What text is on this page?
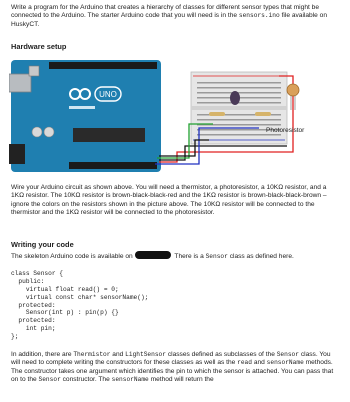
Write a program for the Arduino that creates a hierarchy of classes for different sensor types that might be connected to the Arduino. The starter Arduino code that you will need is in the sensors.ino file available on HuskyCT.
Hardware setup
UNO
Photoresistor
Wire your Arduino circuit as shown above. You will need a thermistor, a photoresistor, a 10KΩ resistor, and a 1KΩ resistor. The 10KΩ resistor is brown-black-black-red and the 1KΩ resistor is brown-black-black-brown – ignore the colors on the resistors shown in the picture above. The 10KΩ resistor will be connected to the thermistor and the 1KΩ resistor will be connected to the photoresistor.
Writing your code
The skeleton Arduino code is available on	There is a Sensor class as defined here.
class Sensor {
public:
virtual float read() = 0;
virtual const char* sensorName();
protected:
Sensor(int p) : pin(p) {}
protected:
int pin;
};
In addition, there are Thermistor and LightSensor classes defined as subclasses of the Sensor class. You will need to complete writing the constructors for these classes as well as the read and sensorName methods. The constructor takes one argument which identifies the pin to which the sensor is attached. You can pass that on to the Sensor constructor. The sensorName method will return the
